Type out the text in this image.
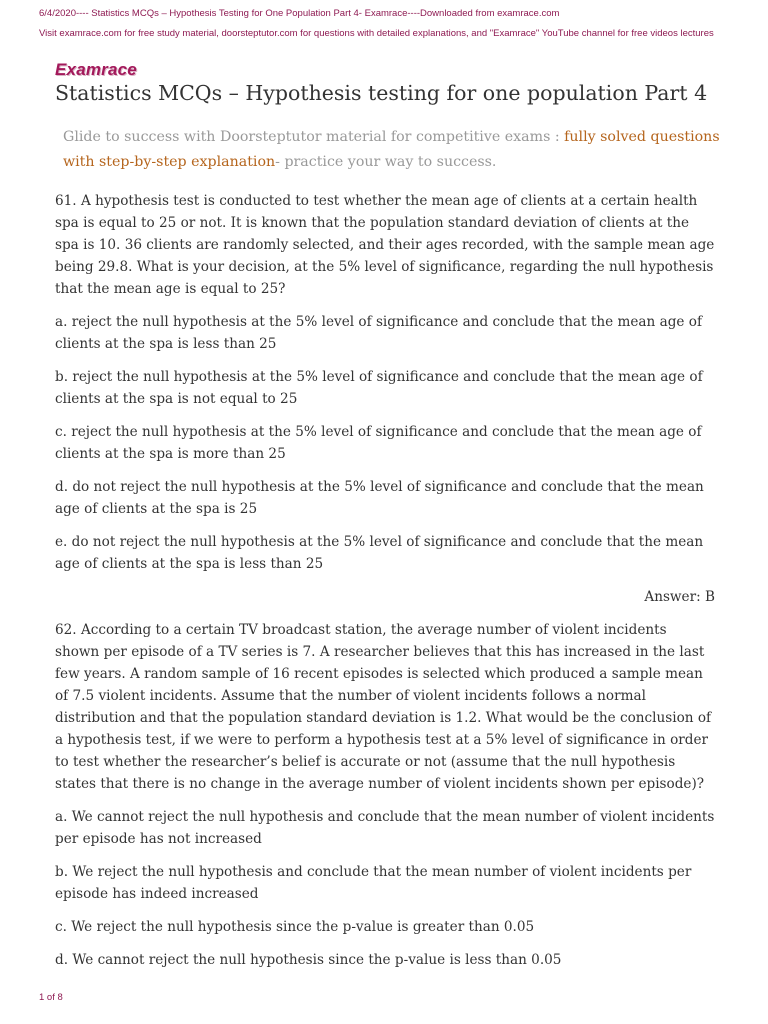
6/4/2020---- Statistics MCQs – Hypothesis Testing for One Population Part 4- Examrace----Downloaded from examrace.com
Visit examrace.com for free study material, doorsteptutor.com for questions with detailed explanations, and "Examrace" YouTube channel for free videos lectures
Examrace
Statistics MCQs – Hypothesis testing for one population Part 4
Glide to success with Doorsteptutor material for competitive exams : fully solved questions with step-by-step explanation- practice your way to success.

61. A hypothesis test is conducted to test whether the mean age of clients at a certain health spa is equal to 25 or not. It is known that the population standard deviation of clients at the spa is 10. 36 clients are randomly selected, and their ages recorded, with the sample mean age being 29.8. What is your decision, at the 5% level of significance, regarding the null hypothesis that the mean age is equal to 25?

a. reject the null hypothesis at the 5% level of significance and conclude that the mean age of clients at the spa is less than 25

b. reject the null hypothesis at the 5% level of significance and conclude that the mean age of clients at the spa is not equal to 25

c. reject the null hypothesis at the 5% level of significance and conclude that the mean age of clients at the spa is more than 25

d. do not reject the null hypothesis at the 5% level of significance and conclude that the mean age of clients at the spa is 25

e. do not reject the null hypothesis at the 5% level of significance and conclude that the mean age of clients at the spa is less than 25

Answer: B

62. According to a certain TV broadcast station, the average number of violent incidents shown per episode of a TV series is 7. A researcher believes that this has increased in the last few years. A random sample of 16 recent episodes is selected which produced a sample mean of 7.5 violent incidents. Assume that the number of violent incidents follows a normal distribution and that the population standard deviation is 1.2. What would be the conclusion of a hypothesis test, if we were to perform a hypothesis test at a 5% level of significance in order to test whether the researcher’s belief is accurate or not (assume that the null hypothesis states that there is no change in the average number of violent incidents shown per episode)?

a. We cannot reject the null hypothesis and conclude that the mean number of violent incidents per episode has not increased

b. We reject the null hypothesis and conclude that the mean number of violent incidents per episode has indeed increased

c. We reject the null hypothesis since the p-value is greater than 0.05

d. We cannot reject the null hypothesis since the p-value is less than 0.05

1 of 8
